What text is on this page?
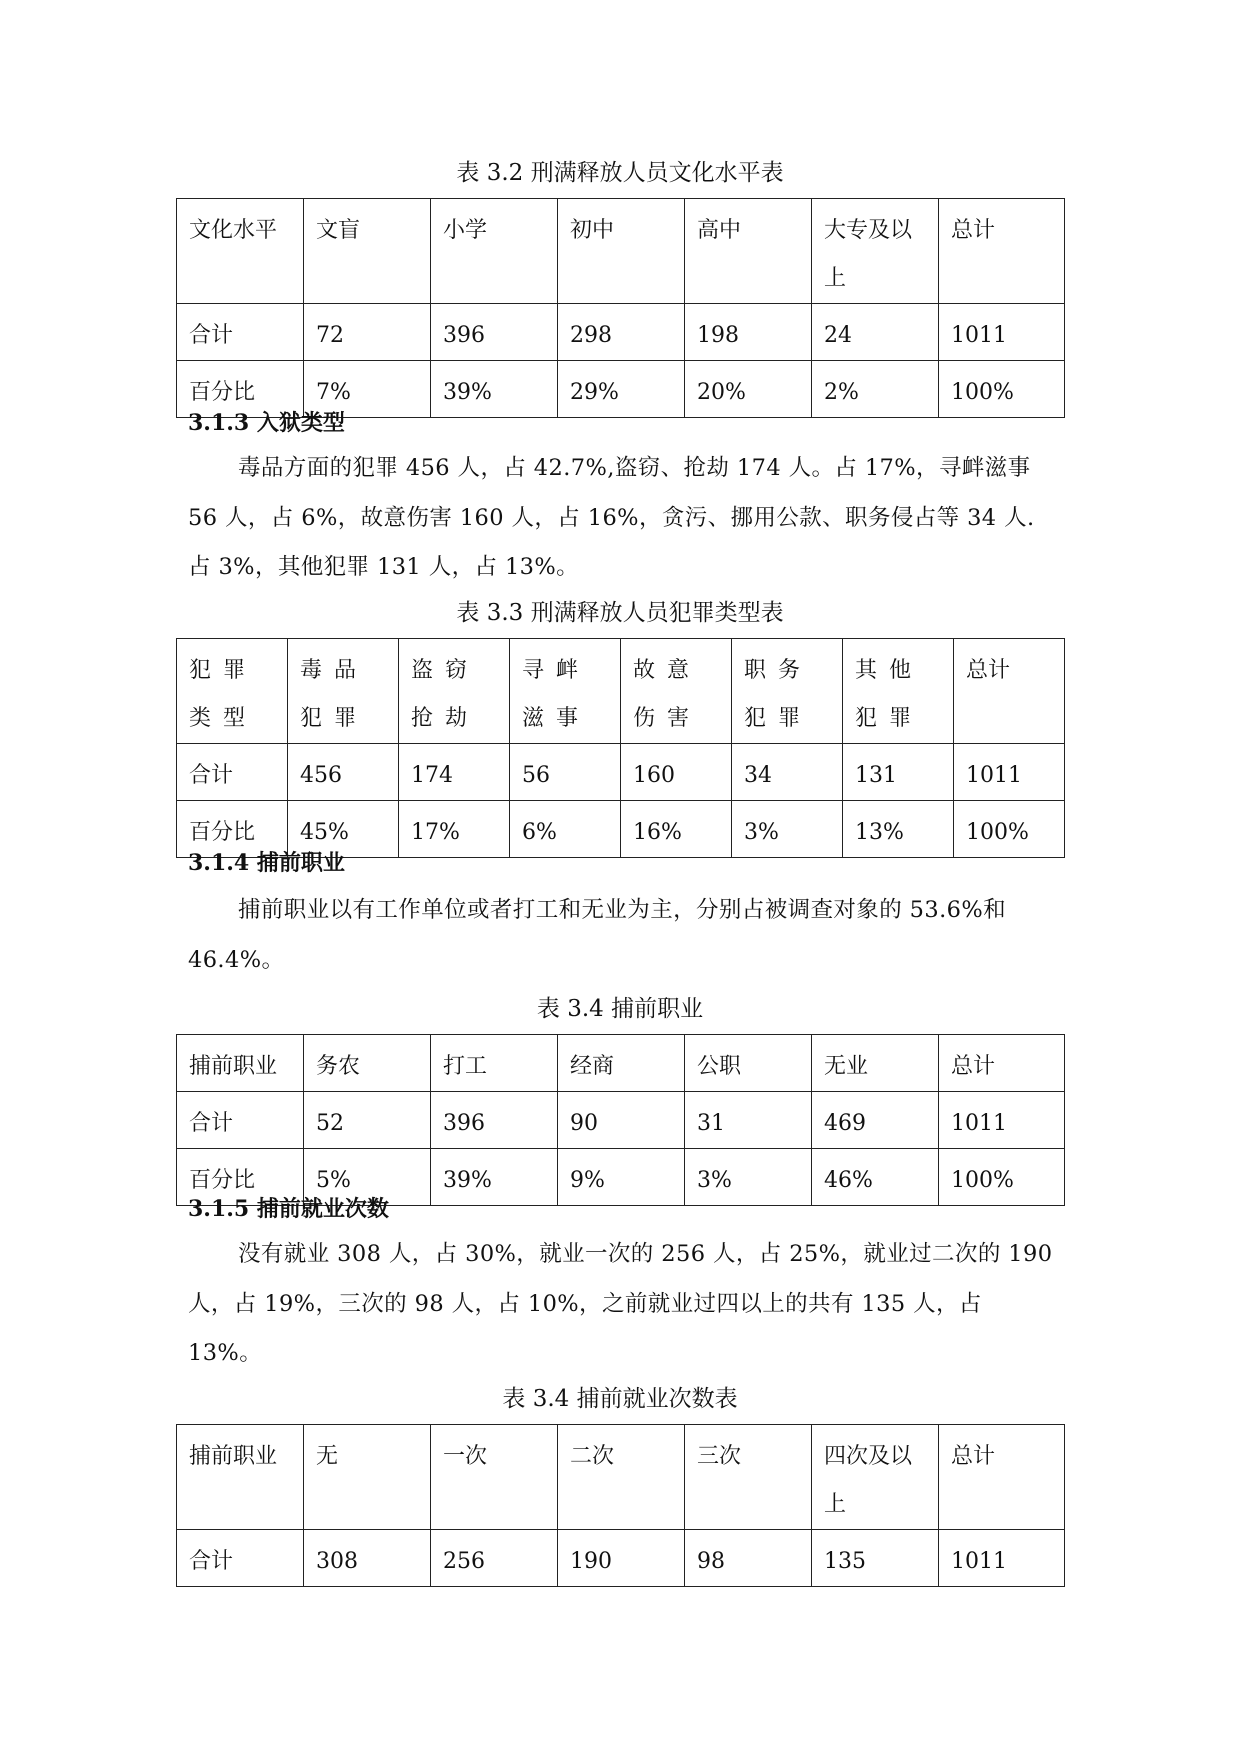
表 3.2 刑满释放人员文化水平表
文化水平	文盲	小学	初中	高中	大专及以上	总计
合计	72	396	298	198	24	1011
百分比	7%	39%	29%	20%	2%	100%
3.1.3 入狱类型
毒品方面的犯罪 456 人，占 42.7%,盗窃、抢劫 174 人。占 17%，寻衅滋事 56 人，占 6%，故意伤害 160 人，占 16%，贪污、挪用公款、职务侵占等 34 人.占 3%，其他犯罪 131 人，占 13%。
表 3.3 刑满释放人员犯罪类型表
犯罪类型	毒品犯罪	盗窃抢劫	寻衅滋事	故意伤害	职务犯罪	其他犯罪	总计
合计	456	174	56	160	34	131	1011
百分比	45%	17%	6%	16%	3%	13%	100%
3.1.4 捕前职业
捕前职业以有工作单位或者打工和无业为主，分别占被调查对象的 53.6%和 46.4%。
表 3.4 捕前职业
捕前职业	务农	打工	经商	公职	无业	总计
合计	52	396	90	31	469	1011
百分比	5%	39%	9%	3%	46%	100%
3.1.5 捕前就业次数
没有就业 308 人，占 30%，就业一次的 256 人，占 25%，就业过二次的 190 人，占 19%，三次的 98 人，占 10%，之前就业过四以上的共有 135 人，占 13%。
表 3.4 捕前就业次数表
捕前职业	无	一次	二次	三次	四次及以上	总计
合计	308	256	190	98	135	1011
